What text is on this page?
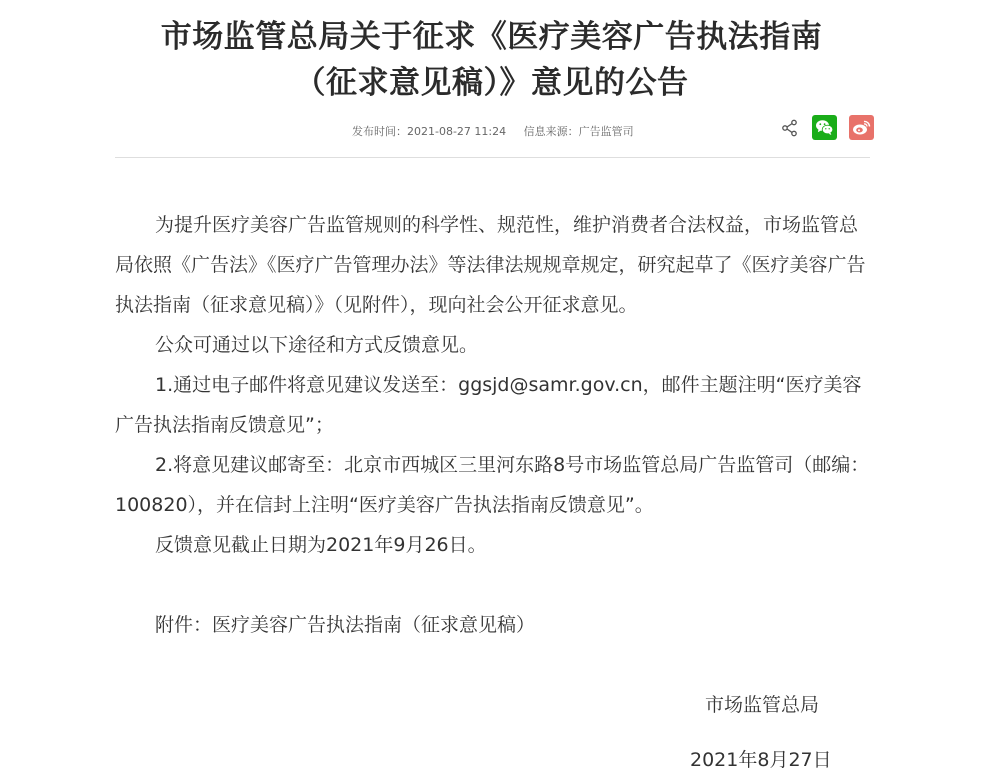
市场监管总局关于征求《医疗美容广告执法指南
（征求意见稿）》意见的公告
发布时间：2021-08-27 11:24 信息来源：广告监管司

为提升医疗美容广告监管规则的科学性、规范性，维护消费者合法权益，市场监管总局依照《广告法》《医疗广告管理办法》等法律法规规章规定，研究起草了《医疗美容广告执法指南（征求意见稿）》（见附件），现向社会公开征求意见。

公众可通过以下途径和方式反馈意见。

1.通过电子邮件将意见建议发送至：ggsjd@samr.gov.cn，邮件主题注明“医疗美容广告执法指南反馈意见”；

2.将意见建议邮寄至：北京市西城区三里河东路8号市场监管总局广告监管司（邮编：100820），并在信封上注明“医疗美容广告执法指南反馈意见”。

反馈意见截止日期为2021年9月26日。

附件：医疗美容广告执法指南（征求意见稿）

市场监管总局
2021年8月27日
